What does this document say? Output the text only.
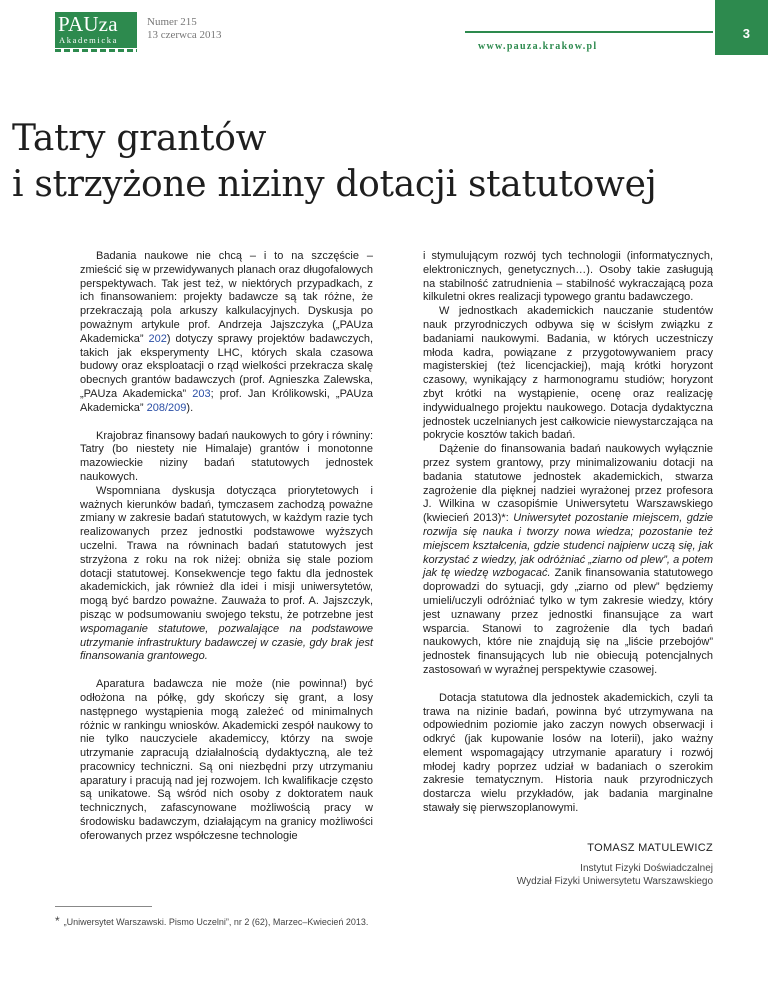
PAUza
Akademicka
Numer 215
13 czerwca 2013	3
www.pauza.krakow.pl
Tatry grantów
i strzyżone niziny dotacji statutowej

Badania naukowe nie chcą – i to na szczęście – zmieścić się w przewidywanych planach oraz długofalowych perspektywach. Tak jest też, w niektórych przypadkach, z ich finansowaniem: projekty badawcze są tak różne, że przekraczają pola arkuszy kalkulacyjnych. Dyskusja po poważnym artykule prof. Andrzeja Jajszczyka („PAUza Akademicka” 202) dotyczy sprawy projektów badawczych, takich jak eksperymenty LHC, których skala czasowa budowy oraz eksploatacji o rząd wielkości przekracza skalę obecnych grantów badawczych (prof. Agnieszka Zalewska, „PAUza Akademicka” 203; prof. Jan Królikowski, „PAUza Akademicka” 208/209).

Krajobraz finansowy badań naukowych to góry i równiny: Tatry (bo niestety nie Himalaje) grantów i monotonne mazowieckie niziny badań statutowych jednostek naukowych.

Wspomniana dyskusja dotycząca priorytetowych i ważnych kierunków badań, tymczasem zachodzą poważne zmiany w zakresie badań statutowych, w każdym razie tych realizowanych przez jednostki podstawowe wyższych uczelni. Trawa na równinach badań statutowych jest strzyżona z roku na rok niżej: obniża się stale poziom dotacji statutowej. Konsekwencje tego faktu dla jednostek akademickich, jak również dla idei i misji uniwersytetów, mogą być bardzo poważne. Zauważa to prof. A. Jajszczyk, pisząc w podsumowaniu swojego tekstu, że potrzebne jest wspomaganie statutowe, pozwalające na podstawowe utrzymanie infrastruktury badawczej w czasie, gdy brak jest finansowania grantowego.

Aparatura badawcza nie może (nie powinna!) być odłożona na półkę, gdy skończy się grant, a losy następnego wystąpienia mogą zależeć od minimalnych różnic w rankingu wniosków. Akademicki zespół naukowy to nie tylko nauczyciele akademiccy, którzy na swoje utrzymanie zapracują działalnością dydaktyczną, ale też pracownicy techniczni. Są oni niezbędni przy utrzymaniu aparatury i pracują nad jej rozwojem. Ich kwalifikacje często są unikatowe. Są wśród nich osoby z doktoratem nauk technicznych, zafascynowane możliwością pracy w środowisku badawczym, działającym na granicy możliwości oferowanych przez współczesne technologie

i stymulującym rozwój tych technologii (informatycznych, elektronicznych, genetycznych…). Osoby takie zasługują na stabilność zatrudnienia – stabilność wykraczającą poza kilkuletni okres realizacji typowego grantu badawczego.

W jednostkach akademickich nauczanie studentów nauk przyrodniczych odbywa się w ścisłym związku z badaniami naukowymi. Badania, w których uczestniczy młoda kadra, powiązane z przygotowywaniem pracy magisterskiej (też licencjackiej), mają krótki horyzont czasowy, wynikający z harmonogramu studiów; horyzont zbyt krótki na wystąpienie, ocenę oraz realizację indywidualnego projektu naukowego. Dotacja dydaktyczna jednostek uczelnianych jest całkowicie niewystarczająca na pokrycie kosztów takich badań.

Dążenie do finansowania badań naukowych wyłącznie przez system grantowy, przy minimalizowaniu dotacji na badania statutowe jednostek akademickich, stwarza zagrożenie dla pięknej nadziei wyrażonej przez profesora J. Wilkina w czasopiśmie Uniwersytetu Warszawskiego (kwiecień 2013)*: Uniwersytet pozostanie miejscem, gdzie rozwija się nauka i tworzy nowa wiedza; pozostanie też miejscem kształcenia, gdzie studenci najpierw uczą się, jak korzystać z wiedzy, jak odróżniać „ziarno od plew”, a potem jak tę wiedzę wzbogacać. Zanik finansowania statutowego doprowadzi do sytuacji, gdy „ziarno od plew” będziemy umieli/uczyli odróżniać tylko w tym zakresie wiedzy, który jest uznawany przez jednostki finansujące za wart wsparcia. Stanowi to zagrożenie dla tych badań naukowych, które nie znajdują się na „liście przebojów” jednostek finansujących lub nie obiecują potencjalnych zastosowań w wyraźnej perspektywie czasowej.

Dotacja statutowa dla jednostek akademickich, czyli ta trawa na nizinie badań, powinna być utrzymywana na odpowiednim poziomie jako zaczyn nowych obserwacji i odkryć (jak kupowanie losów na loterii), jako ważny element wspomagający utrzymanie aparatury i rozwój młodej kadry poprzez udział w badaniach o szerokim zakresie tematycznym. Historia nauk przyrodniczych dostarcza wielu przykładów, jak badania marginalne stawały się pierwszoplanowymi.

TOMASZ MATULEWICZ
Instytut Fizyki Doświadczalnej
Wydział Fizyki Uniwersytetu Warszawskiego
* „Uniwersytet Warszawski. Pismo Uczelni”, nr 2 (62), Marzec–Kwiecień 2013.
